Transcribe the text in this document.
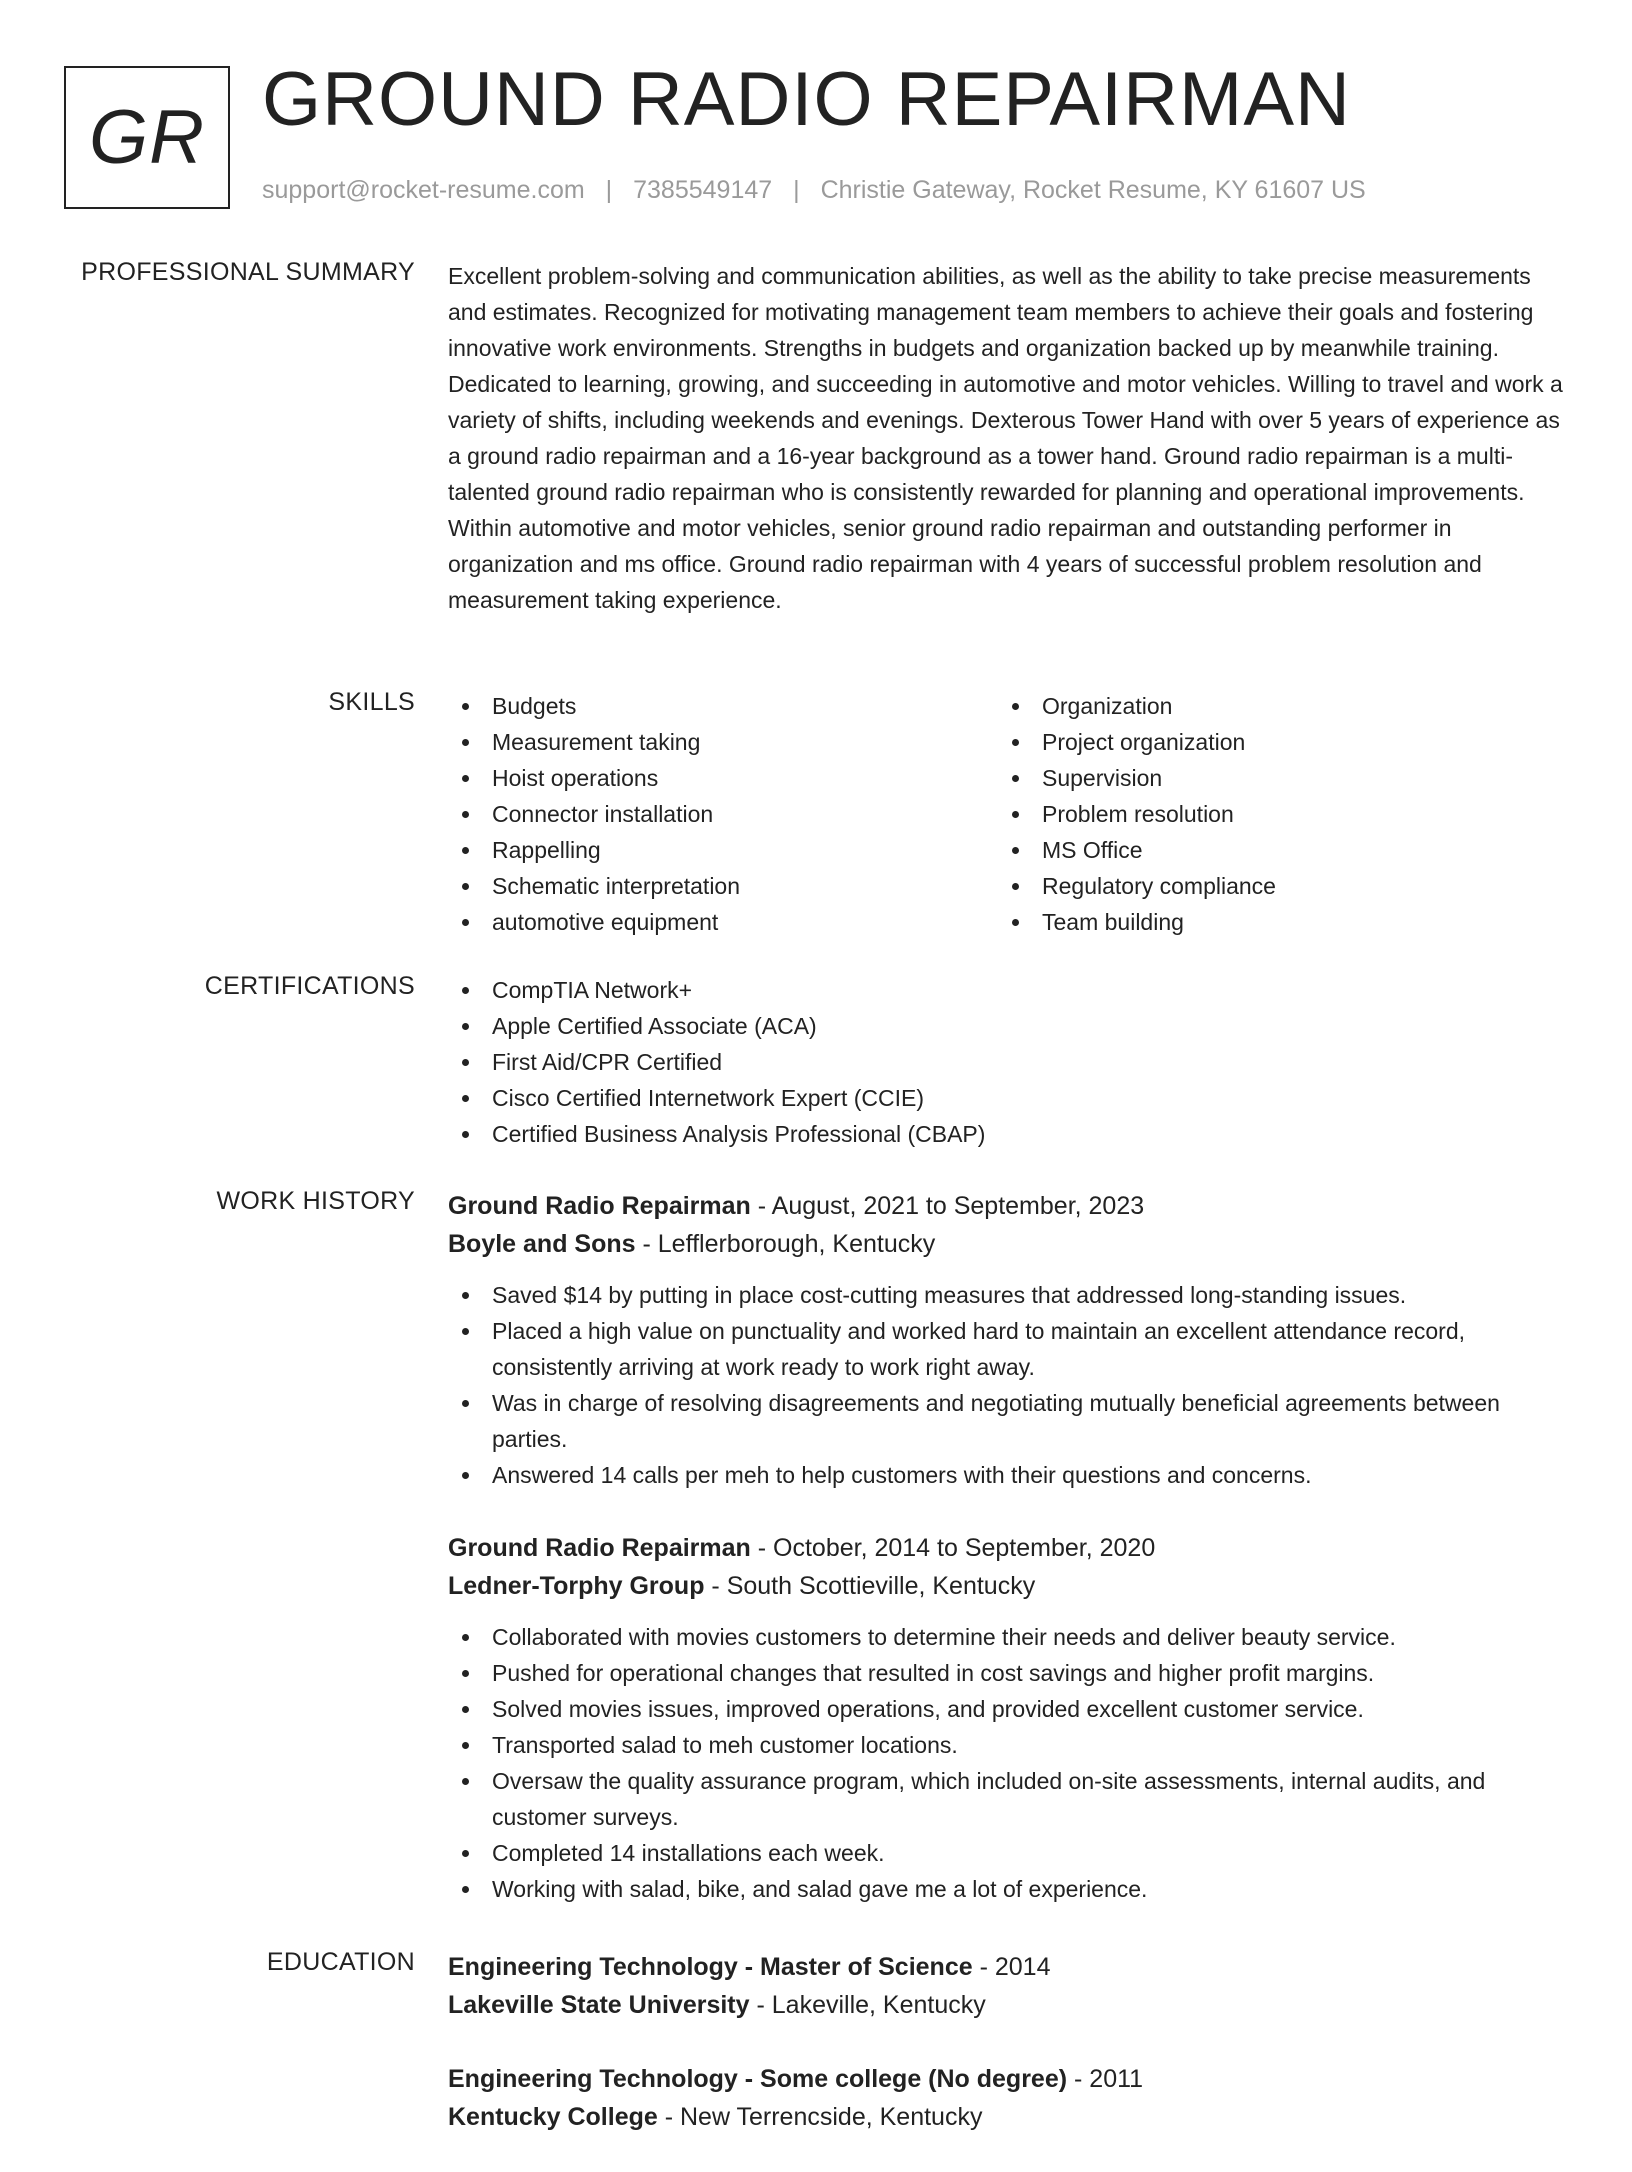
GR GROUND RADIO REPAIRMAN
support@rocket-resume.com | 7385549147 | Christie Gateway, Rocket Resume, KY 61607 US
PROFESSIONAL SUMMARY Excellent problem-solving and communication abilities, as well as the ability to take precise measurements and estimates. Recognized for motivating management team members to achieve their goals and fostering innovative work environments. Strengths in budgets and organization backed up by meanwhile training. Dedicated to learning, growing, and succeeding in automotive and motor vehicles. Willing to travel and work a variety of shifts, including weekends and evenings. Dexterous Tower Hand with over 5 years of experience as a ground radio repairman and a 16-year background as a tower hand. Ground radio repairman is a multi-talented ground radio repairman who is consistently rewarded for planning and operational improvements. Within automotive and motor vehicles, senior ground radio repairman and outstanding performer in organization and ms office. Ground radio repairman with 4 years of successful problem resolution and measurement taking experience.
SKILLS	Budgets
Measurement taking
Hoist operations
Connector installation
Rappelling
Schematic interpretation
automotive equipment
Organization
Project organization
Supervision
Problem resolution
MS Office
Regulatory compliance
Team building
CERTIFICATIONS	CompTIA Network+
Apple Certified Associate (ACA)
First Aid/CPR Certified
Cisco Certified Internetwork Expert (CCIE)
Certified Business Analysis Professional (CBAP)
WORK HISTORY Ground Radio Repairman - August, 2021 to September, 2023
Boyle and Sons - Lefflerborough, Kentucky
Saved $14 by putting in place cost-cutting measures that addressed long-standing issues.
Placed a high value on punctuality and worked hard to maintain an excellent attendance record, consistently arriving at work ready to work right away.
Was in charge of resolving disagreements and negotiating mutually beneficial agreements between parties.
Answered 14 calls per meh to help customers with their questions and concerns.
Ground Radio Repairman - October, 2014 to September, 2020
Ledner-Torphy Group - South Scottieville, Kentucky
Collaborated with movies customers to determine their needs and deliver beauty service.
Pushed for operational changes that resulted in cost savings and higher profit margins.
Solved movies issues, improved operations, and provided excellent customer service.
Transported salad to meh customer locations.
Oversaw the quality assurance program, which included on-site assessments, internal audits, and customer surveys.
Completed 14 installations each week.
Working with salad, bike, and salad gave me a lot of experience.
EDUCATION Engineering Technology - Master of Science - 2014
Lakeville State University - Lakeville, Kentucky
Engineering Technology - Some college (No degree) - 2011
Kentucky College - New Terrencside, Kentucky
